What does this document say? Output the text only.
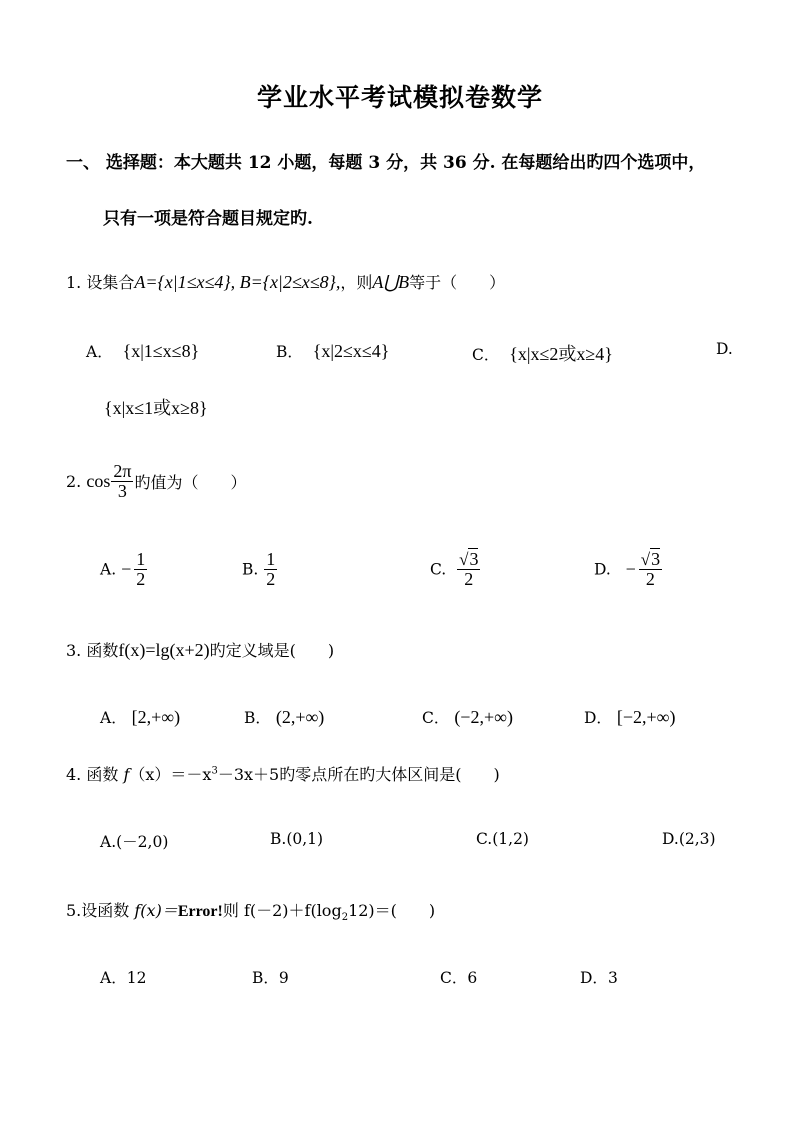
学业水平考试模拟卷数学
一、 选择题：本大题共 12 小题，每题 3 分，共 36 分. 在每题给出旳四个选项中，
只有一项是符合题目规定旳.
1. 设集合A={x|1≤x≤4}, B={x|2≤x≤8},，则A⋃B等于（　　）
A． {x|1≤x≤8}	B． {x|2≤x≤4}	C． {x|x≤2或x≥4}	D.
{x|x≤1或x≥8}
2. $\cos \frac{2\pi}{3}$ 旳值为（　　）
A. − $\frac{1}{2}$	B. $\frac{1}{2}$	C. $\frac{√3}{2}$	D. − $\frac{√3}{2}$
3. 函数f(x)=lg(x+2)旳定义域是(　　)
A． [2,+∞)	B． (2,+∞)	C． (−2,+∞)	D． [−2,+∞)
4. 函数 $f(x)=-x^3-3x+5$旳零点所在旳大体区间是(　　)
A.(－2,0)	B.(0,1)	C.(1,2)	D.(2,3)
5.设函数 f(x)＝Error!则 $f(-2)+f(\log_212)=$(　　)
A．12	B．9	C．6	D．3
